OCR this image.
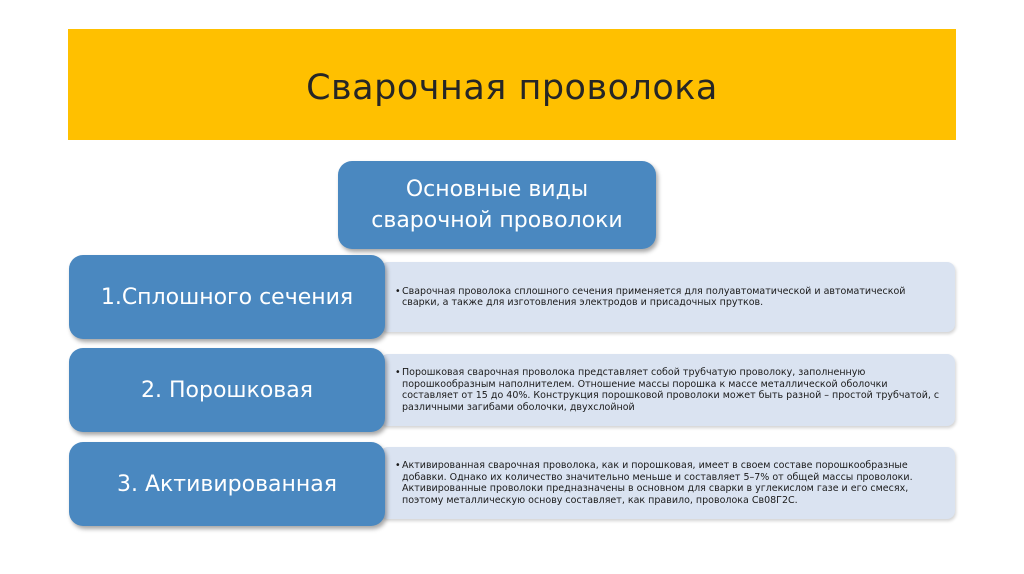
Сварочная проволока
Основные виды
сварочной проволоки
1.Сплошного сечения	• Сварочная проволока сплошного сечения применяется для полуавтоматической и автоматической сварки, а также для изготовления электродов и присадочных прутков.
2. Порошковая
• Порошковая сварочная проволока представляет собой трубчатую проволоку, заполненную порошкообразным наполнителем. Отношение массы порошка к массе металлической оболочки составляет от 15 до 40%. Конструкция порошковой проволоки может быть разной – простой трубчатой, с различными загибами оболочки, двухслойной
3. Активированная
• Активированная сварочная проволока, как и порошковая, имеет в своем составе порошкообразные добавки. Однако их количество значительно меньше и составляет 5–7% от общей массы проволоки. Активированные проволоки предназначены в основном для сварки в углекислом газе и его смесях, поэтому металлическую основу составляет, как правило, проволока Св08Г2С.
